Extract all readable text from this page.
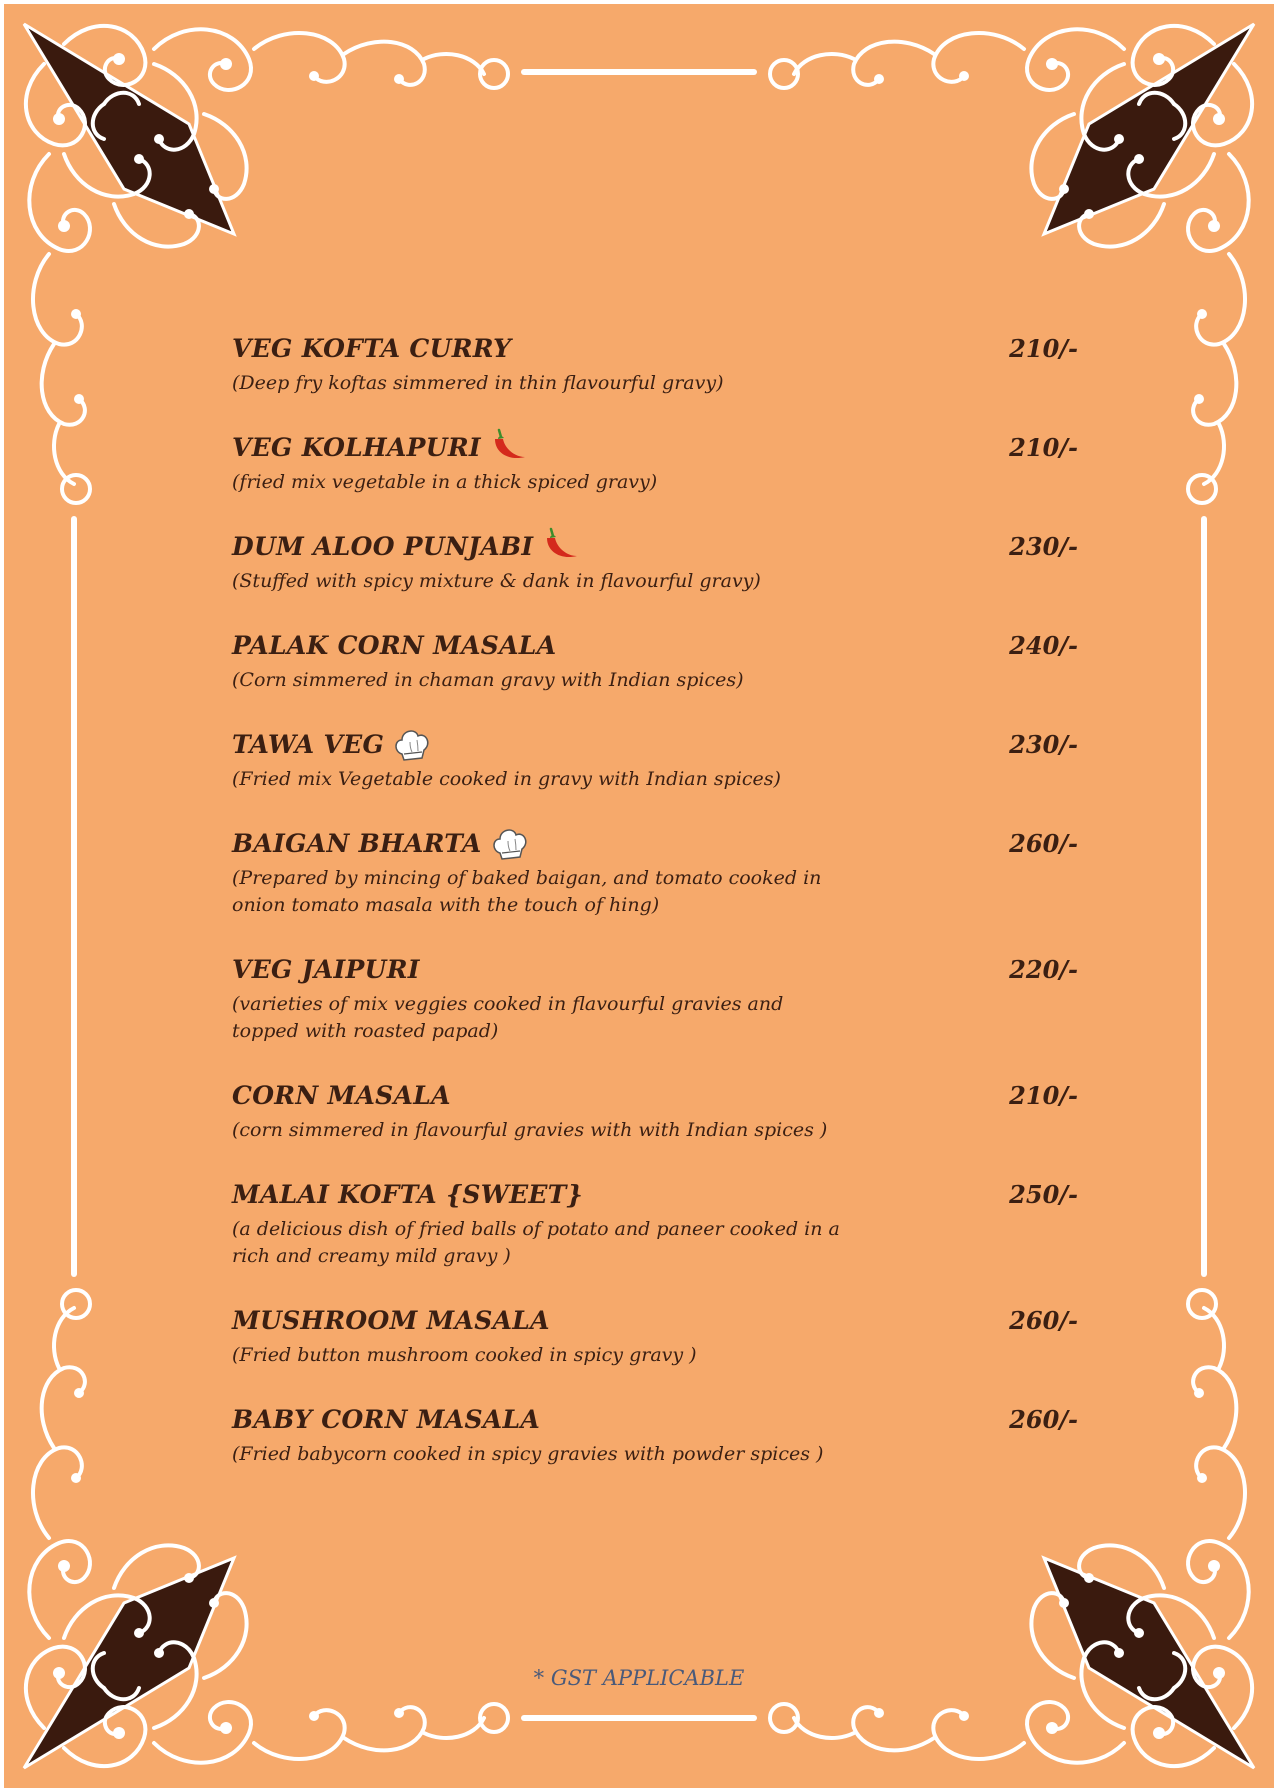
VEG KOFTA CURRY	210/-
(Deep fry koftas simmered in thin flavourful gravy)
VEG KOLHAPURI	210/-
(fried mix vegetable in a thick spiced gravy)
DUM ALOO PUNJABI	230/-
(Stuffed with spicy mixture & dank in flavourful gravy)
PALAK CORN MASALA	240/-
(Corn simmered in chaman gravy with Indian spices)
TAWA VEG	230/-
(Fried mix Vegetable cooked in gravy with Indian spices)
BAIGAN BHARTA	260/-
(Prepared by mincing of baked baigan, and tomato cooked in onion tomato masala with the touch of hing)
VEG JAIPURI	220/-
(varieties of mix veggies cooked in flavourful gravies and topped with roasted papad)
CORN MASALA	210/-
(corn simmered in flavourful gravies with with Indian spices )
MALAI KOFTA {SWEET}	250/-
(a delicious dish of fried balls of potato and paneer cooked in a rich and creamy mild gravy )
MUSHROOM MASALA	260/-
(Fried button mushroom cooked in spicy gravy )
BABY CORN MASALA	260/-
(Fried babycorn cooked in spicy gravies with powder spices )
* GST APPLICABLE
